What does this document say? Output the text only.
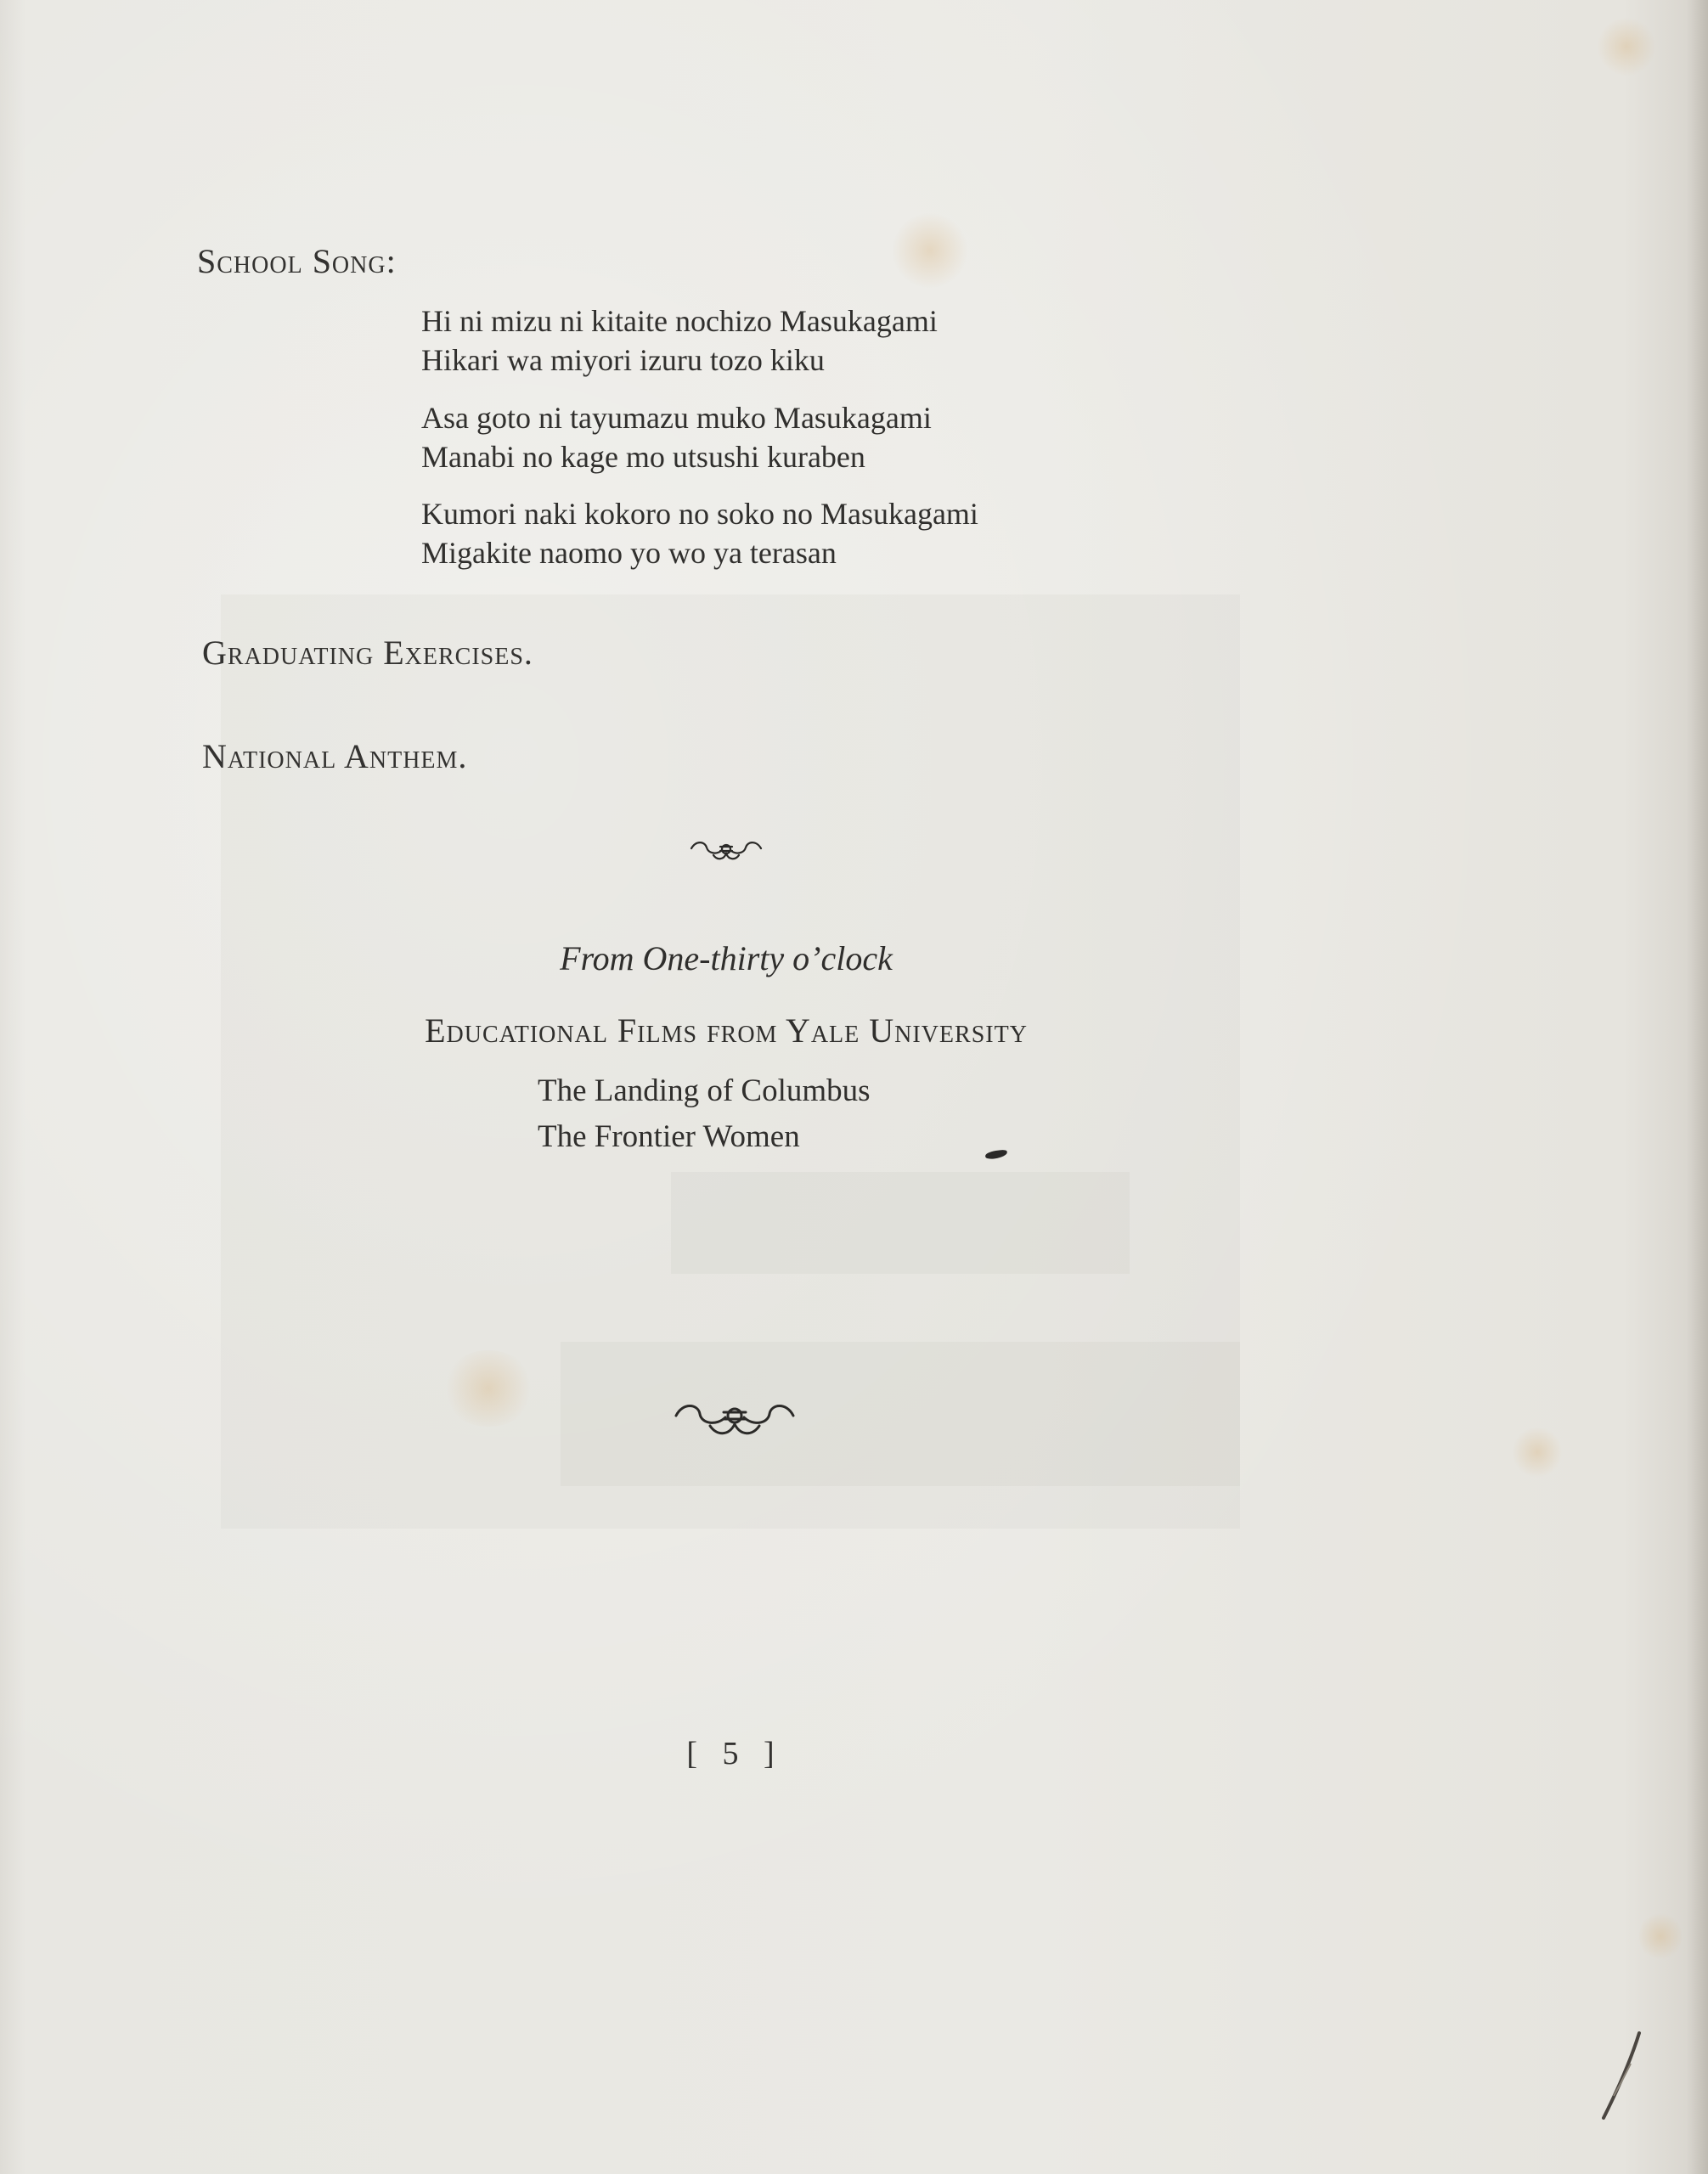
School Song:
Hi ni mizu ni kitaite nochizo Masukagami
Hikari wa miyori izuru tozo kiku
Asa goto ni tayumazu muko Masukagami
Manabi no kage mo utsushi kuraben
Kumori naki kokoro no soko no Masukagami
Migakite naomo yo wo ya terasan
Graduating Exercises.
National Anthem.
From One-thirty o’clock
Educational Films from Yale University
The Landing of Columbus
The Frontier Women
[ 5 ]
